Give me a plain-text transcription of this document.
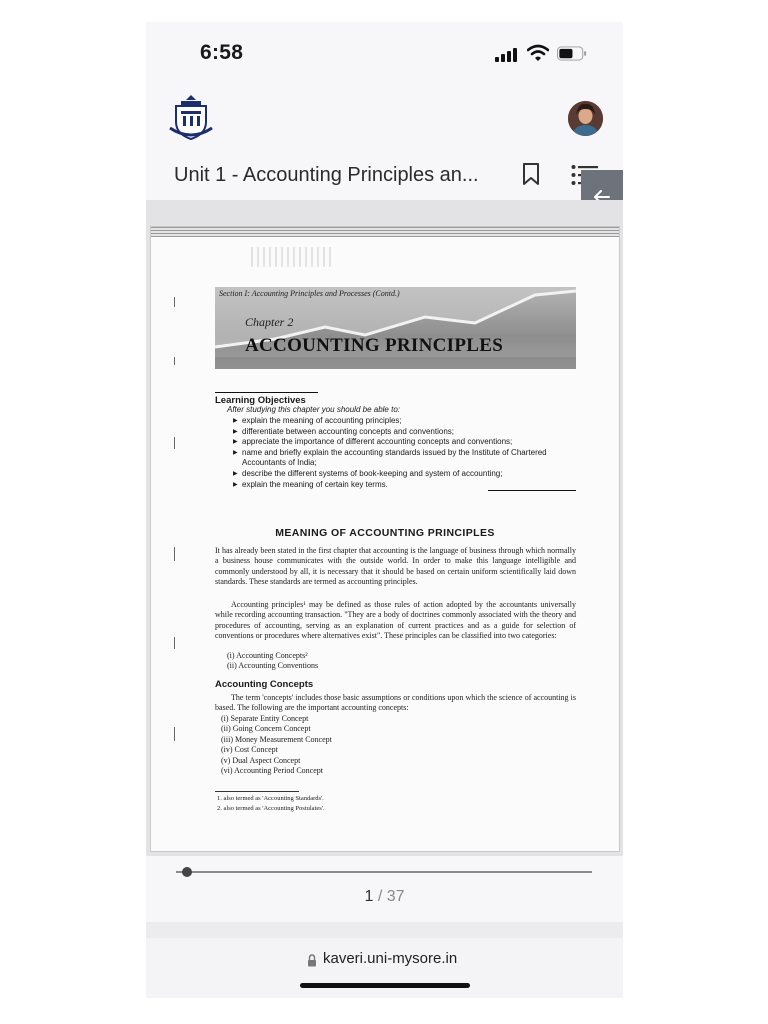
6:58
Unit 1 - Accounting Principles an...
Section I: Accounting Principles and Processes (Contd.)
Chapter 2
ACCOUNTING PRINCIPLES
Learning Objectives
After studying this chapter you should be able to:
▶ explain the meaning of accounting principles;
▶ differentiate between accounting concepts and conventions;
▶ appreciate the importance of different accounting concepts and conventions;
▶ name and briefly explain the accounting standards issued by the Institute of Chartered Accountants of India;
▶ describe the different systems of book-keeping and system of accounting;
▶ explain the meaning of certain key terms.
MEANING OF ACCOUNTING PRINCIPLES

It has already been stated in the first chapter that accounting is the language of business through which normally a business house communicates with the outside world. In order to make this language intelligible and commonly understood by all, it is necessary that it should be based on certain uniform scientifically laid down standards. These standards are termed as accounting principles.

Accounting principles¹ may be defined as those rules of action adopted by the accountants universally while recording accounting transaction. "They are a body of doctrines commonly associated with the theory and procedures of accounting, serving as an explanation of current practices and as a guide for selection of conventions or procedures where alternatives exist". These principles can be classified into two categories:

(i) Accounting Concepts²
(ii) Accounting Conventions
Accounting Concepts

The term 'concepts' includes those basic assumptions or conditions upon which the science of accounting is based. The following are the important accounting concepts:

(i) Separate Entity Concept
(ii) Going Concern Concept
(iii) Money Measurement Concept
(iv) Cost Concept
(v) Dual Aspect Concept
(vi) Accounting Period Concept
1. also termed as 'Accounting Standards'.
2. also termed as 'Accounting Postulates'.
1 / 37
kaveri.uni-mysore.in
